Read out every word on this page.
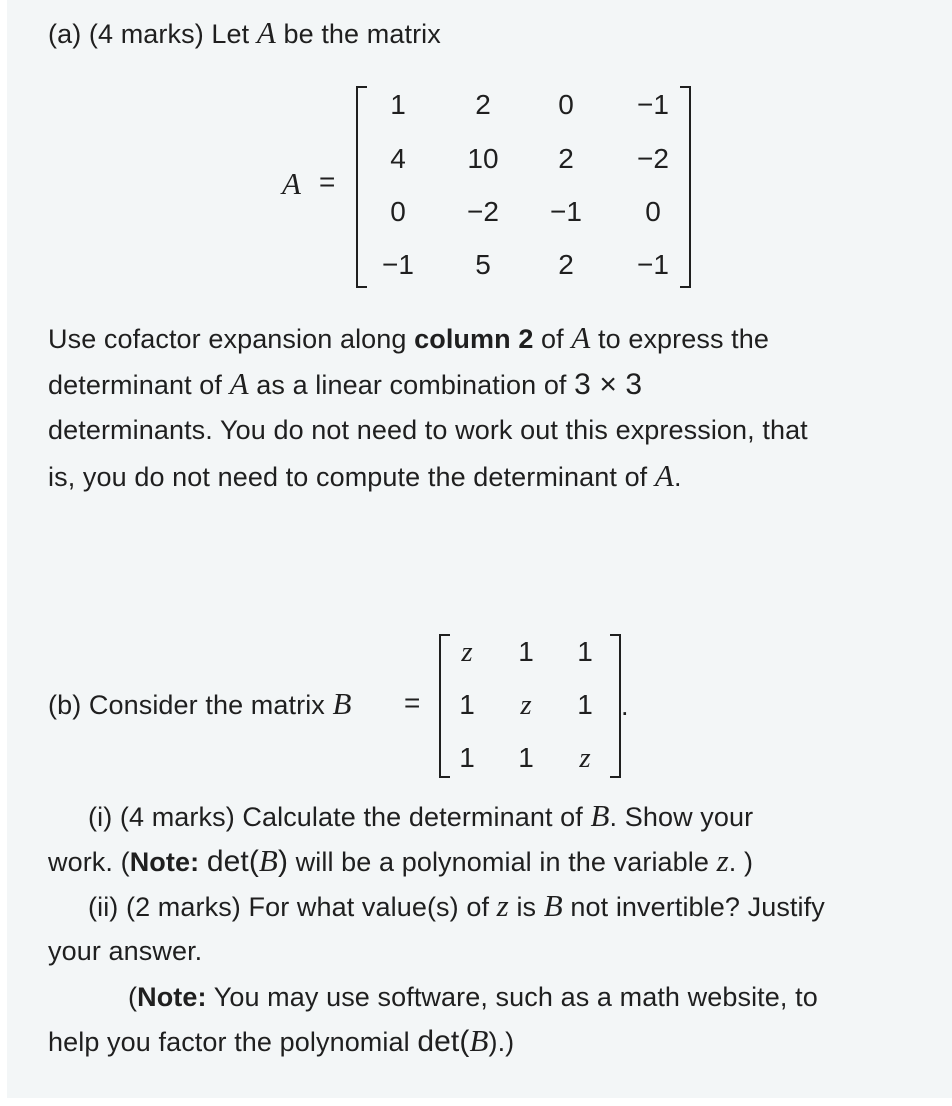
(a) (4 marks) Let A be the matrix
A =
1	2	0	−1
4	10	2	−2
0	−2	−1	0
−1	5	2	−1
Use cofactor expansion along column 2 of A to express the
determinant of A as a linear combination of 3 × 3
determinants. You do not need to work out this expression, that
is, you do not need to compute the determinant of A.
(b) Consider the matrix B =	.
z	1	1
1	z	1
1	1	z
(i) (4 marks) Calculate the determinant of B. Show your
work. (Note: det(B) will be a polynomial in the variable z. )
(ii) (2 marks) For what value(s) of z is B not invertible? Justify
your answer.
(Note: You may use software, such as a math website, to
help you factor the polynomial det(B).)
